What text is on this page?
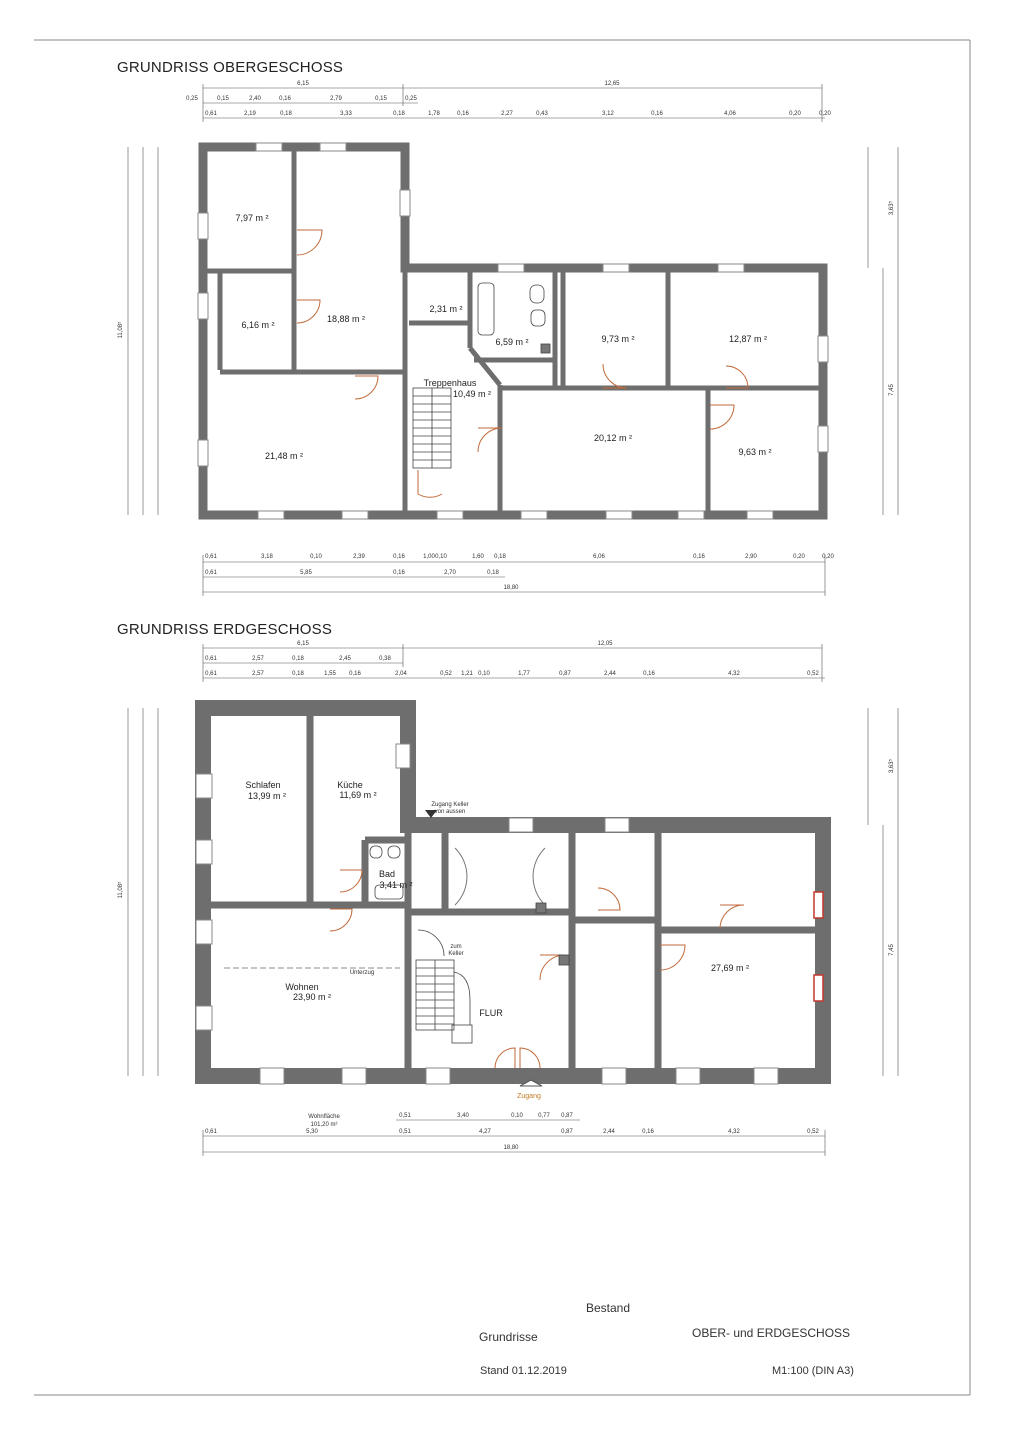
7,97 m ²
6,16 m ²
18,88 m ²
21,48 m ²
2,31 m ²
6,59 m ²
Treppenhaus
10,49 m ²
9,73 m ²	12,87 m ²
20,12 m ²
9,63 m ²
6,15	12,65
0,25	0,15	2,40	0,16	2,79	0,15	0,25
0,61	2,19	0,18	3,33	0,18	1,78	0,16	2,27	0,43	3,12	0,16	4,06	0,20	0,20
0,61	3,18	0,10	2,39	0,16	1,00 0,10	1,60 0,18	6,06	0,16	2,90	0,20	0,20
0,61	5,85	0,16	2,70	0,18
18,80
11,08⁵
3,63⁵
7,45
Schlafen
13,99 m ²
Küche
11,69 m ²
Bad
3,41 m ²
Wohnen
23,90 m ²
FLUR
27,69 m ²
Zugang Keller
von aussen
zum
Keller
Unterzug
Zugang
Wohnfläche
101,20 m²
6,15	12,05
0,61	2,57	0,18	2,45	0,38
0,61	2,57	0,18	1,55 0,16	2,04	0,52 1,21 0,10	1,77	0,87	2,44	0,16	4,32	0,52
0,51	3,40	0,10	0,77 0,87
0,61	5,30	0,51	4,27	0,87	2,44	0,16	4,32	0,52
18,80
11,08⁵
3,63⁵
7,45
GRUNDRISS OBERGESCHOSS
GRUNDRISS ERDGESCHOSS
Bestand
Grundrisse	OBER- und ERDGESCHOSS
Stand 01.12.2019	M1:100 (DIN A3)
